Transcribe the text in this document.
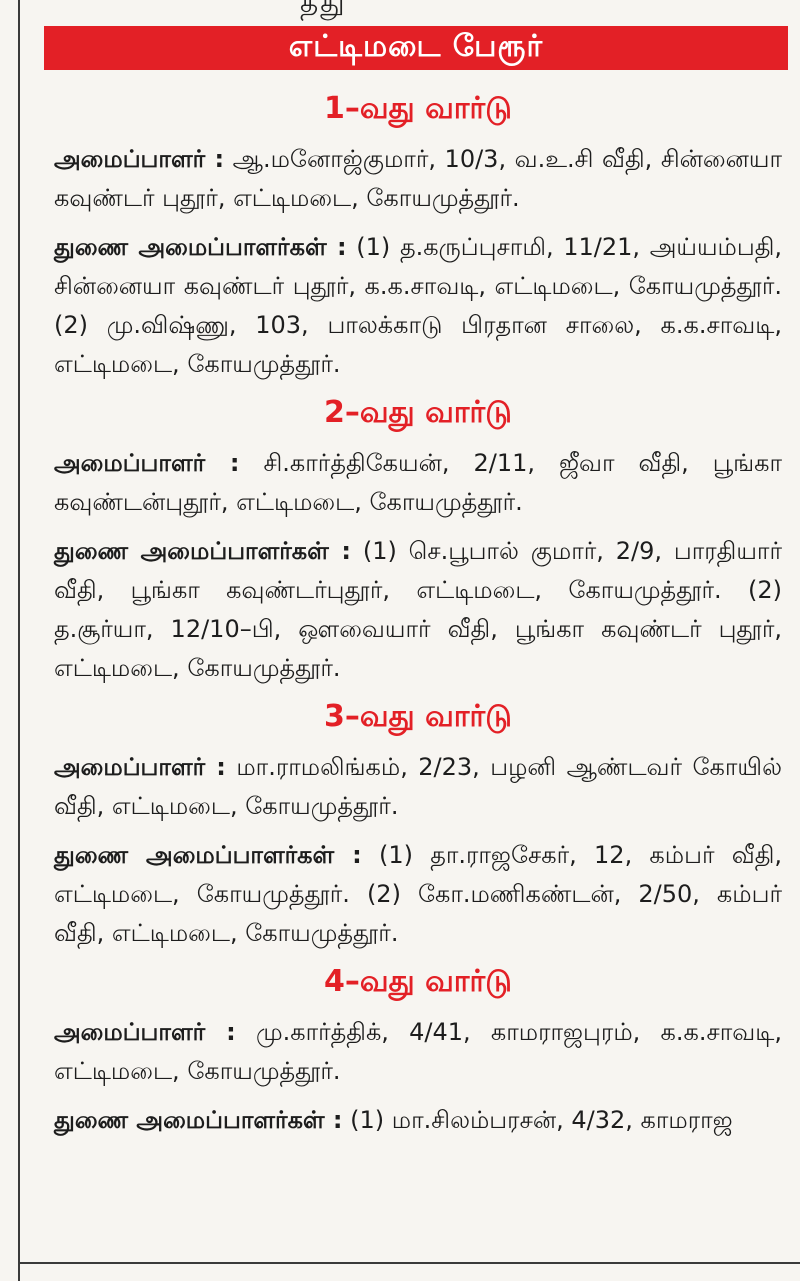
தது
எட்டிமடை பேரூர்
1–வது வார்டு

அமைப்பாளர் : ஆ.மனோஜ்குமார், 10/3, வ.உ.சி வீதி, சின்னையா கவுண்டர் புதூர், எட்டிமடை, கோயமுத்தூர்.

துணை அமைப்பாளர்கள் : (1) த.கருப்புசாமி, 11/21, அய்யம்பதி, சின்னையா கவுண்டர் புதூர், க.க.சாவடி, எட்டிமடை, கோயமுத்தூர். (2) மு.விஷ்ணு, 103, பாலக்காடு பிரதான சாலை, க.க.சாவடி, எட்டிமடை, கோயமுத்தூர்.

2–வது வார்டு

அமைப்பாளர் : சி.கார்த்திகேயன், 2/11, ஜீவா வீதி, பூங்கா கவுண்டன்புதூர், எட்டிமடை, கோயமுத்தூர்.

துணை அமைப்பாளர்கள் : (1) செ.பூபால் குமார், 2/9, பாரதியார் வீதி, பூங்கா கவுண்டர்புதூர், எட்டிமடை, கோயமுத்தூர். (2) த.சூர்யா, 12/10–பி, ஔவையார் வீதி, பூங்கா கவுண்டர் புதூர், எட்டிமடை, கோயமுத்தூர்.

3–வது வார்டு

அமைப்பாளர் : மா.ராமலிங்கம், 2/23, பழனி ஆண்டவர் கோயில் வீதி, எட்டிமடை, கோயமுத்தூர்.

துணை அமைப்பாளர்கள் : (1) தா.ராஜசேகர், 12, கம்பர் வீதி, எட்டிமடை, கோயமுத்தூர். (2) கோ.மணிகண்டன், 2/50, கம்பர் வீதி, எட்டிமடை, கோயமுத்தூர்.

4–வது வார்டு

அமைப்பாளர் : மு.கார்த்திக், 4/41, காமராஜபுரம், க.க.சாவடி, எட்டிமடை, கோயமுத்தூர்.

துணை அமைப்பாளர்கள் : (1) மா.சிலம்பரசன், 4/32, காமராஜ
